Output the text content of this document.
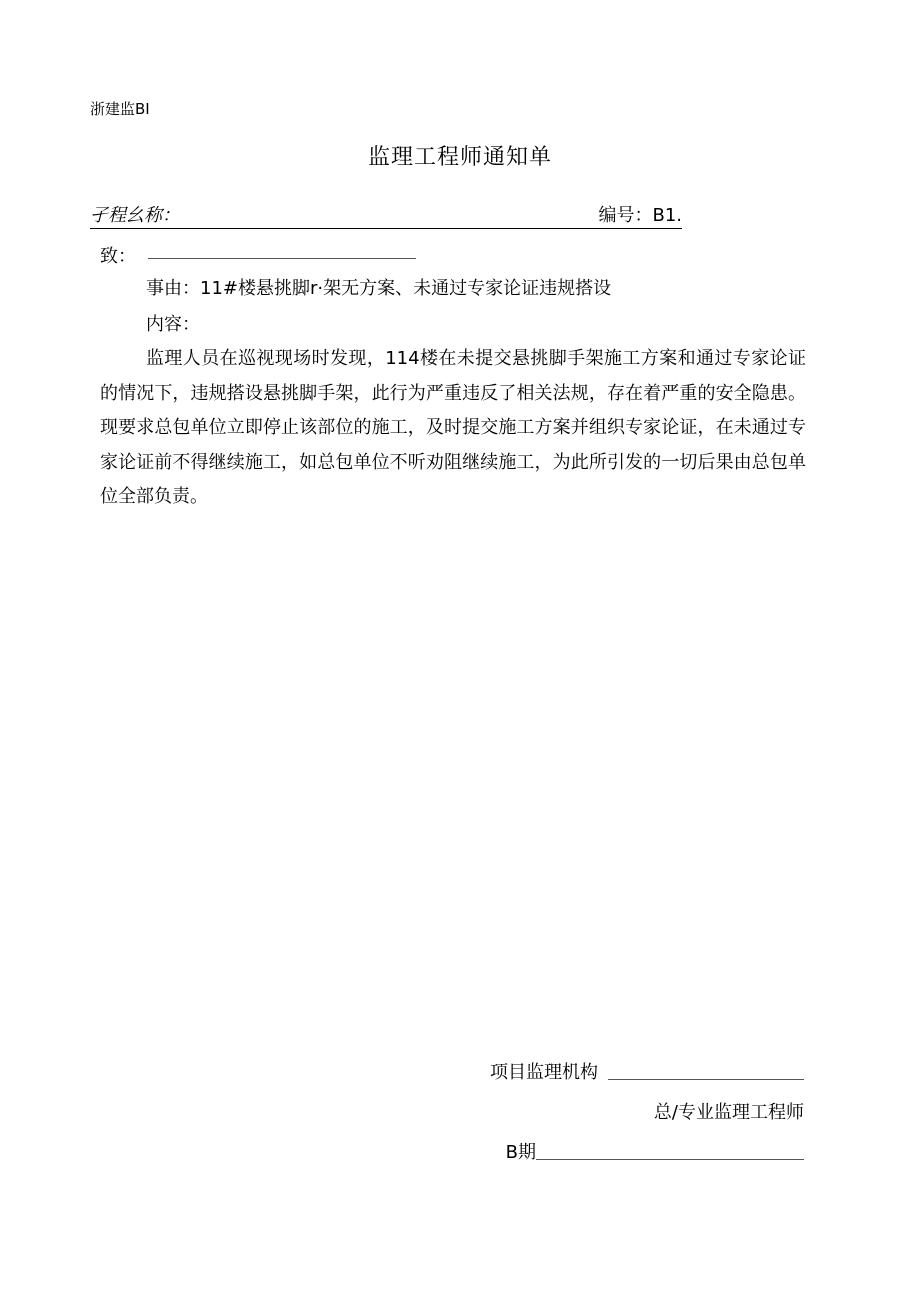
浙建监BI
监理工程师通知单
孑程幺称：	编号：B1.
致：
事由：11#楼悬挑脚r·架无方案、未通过专家论证违规搭设
内容：
监理人员在巡视现场时发现，114楼在未提交悬挑脚手架施工方案和通过专家论证的情况下，违规搭设悬挑脚手架，此行为严重违反了相关法规，存在着严重的安全隐患。现要求总包单位立即停止该部位的施工，及时提交施工方案并组织专家论证，在未通过专家论证前不得继续施工，如总包单位不听劝阻继续施工，为此所引发的一切后果由总包单位全部负责。
项目监理机构
总/专业监理工程师
B期
